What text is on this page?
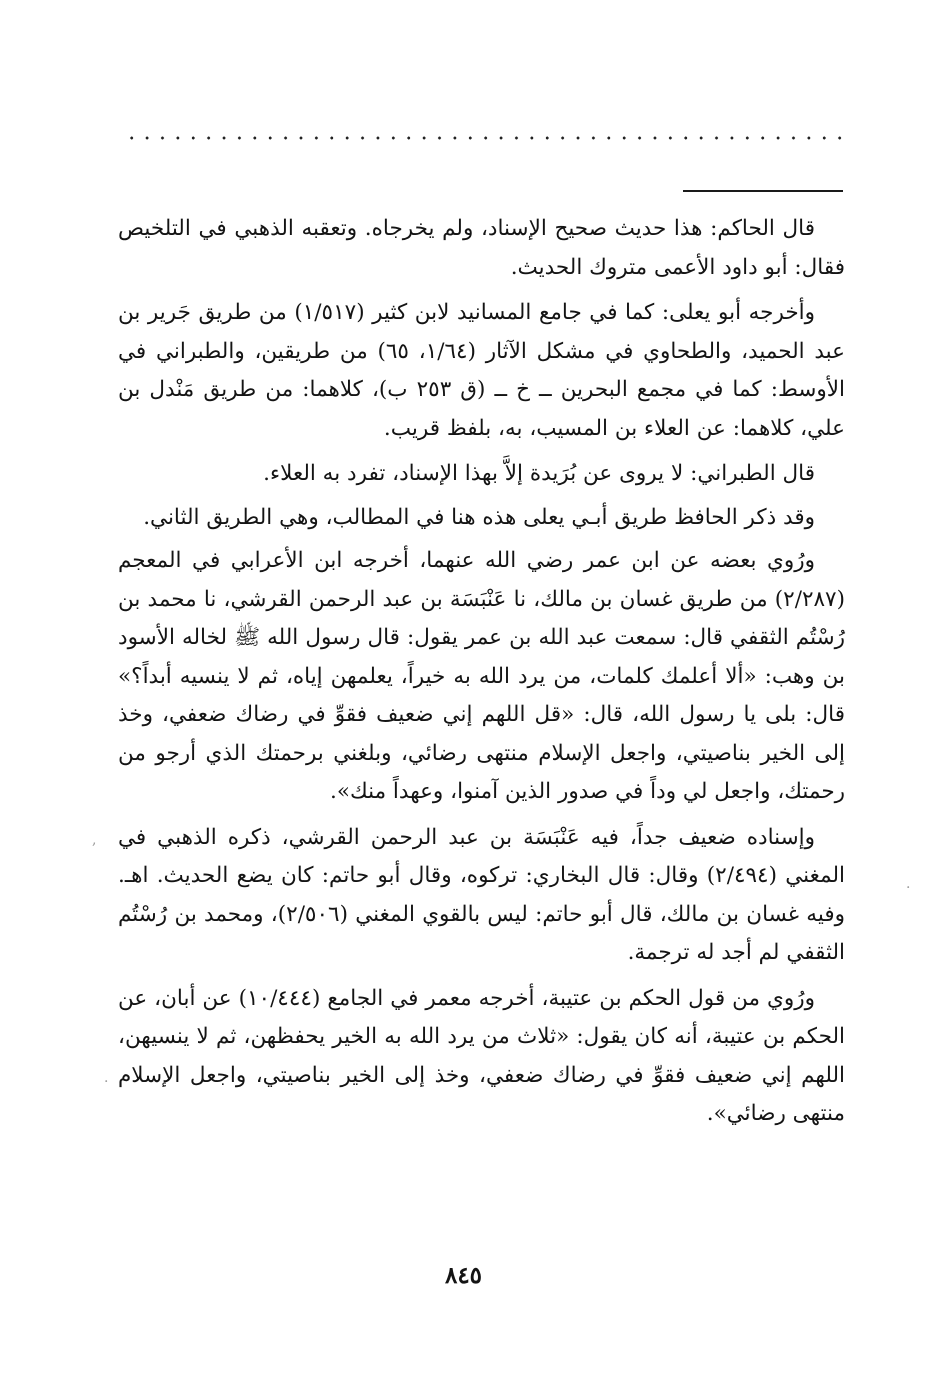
قال الحاكم: هذا حديث صحيح الإسناد، ولم يخرجاه. وتعقبه الذهبي في التلخيص فقال: أبو داود الأعمى متروك الحديث.

وأخرجه أبو يعلى: كما في جامع المسانيد لابن كثير (١/٥١٧) من طريق جَرير بن عبد الحميد، والطحاوي في مشكل الآثار (١/٦٤، ٦٥) من طريقين، والطبراني في الأوسط: كما في مجمع البحرين ــ خ ــ (ق ٢٥٣ ب)، كلاهما: من طريق مَنْدل بن علي، كلاهما: عن العلاء بن المسيب، به، بلفظ قريب.

قال الطبراني: لا يروى عن بُرَيدة إلاَّ بهذا الإسناد، تفرد به العلاء.

وقد ذكر الحافظ طريق أبـي يعلى هذه هنا في المطالب، وهي الطريق الثاني.

ورُوي بعضه عن ابن عمر رضي الله عنهما، أخرجه ابن الأعرابي في المعجم (٢/٢٨٧) من طريق غسان بن مالك، نا عَنْبَسَة بن عبد الرحمن القرشي، نا محمد بن رُسْتُم الثقفي قال: سمعت عبد الله بن عمر يقول: قال رسول الله ﷺ لخاله الأسود بن وهب: «ألا أعلمك كلمات، من يرد الله به خيراً، يعلمهن إياه، ثم لا ينسيه أبداً؟» قال: بلى يا رسول الله، قال: «قل اللهم إني ضعيف فقوِّ في رضاك ضعفي، وخذ إلى الخير بناصيتي، واجعل الإسلام منتهى رضائي، وبلغني برحمتك الذي أرجو من رحمتك، واجعل لي وداً في صدور الذين آمنوا، وعهداً منك».

وإسناده ضعيف جداً، فيه عَنْبَسَة بن عبد الرحمن القرشي، ذكره الذهبي في المغني (٢/٤٩٤) وقال: قال البخاري: تركوه، وقال أبو حاتم: كان يضع الحديث. اهـ. وفيه غسان بن مالك، قال أبو حاتم: ليس بالقوي المغني (٢/٥٠٦)، ومحمد بن رُسْتُم الثقفي لم أجد له ترجمة.

ورُوي من قول الحكم بن عتيبة، أخرجه معمر في الجامع (١٠/٤٤٤) عن أبان، عن الحكم بن عتيبة، أنه كان يقول: «ثلاث من يرد الله به الخير يحفظهن، ثم لا ينسيهن، اللهم إني ضعيف فقوِّ في رضاك ضعفي، وخذ إلى الخير بناصيتي، واجعل الإسلام منتهى رضائي».

٨٤٥
,
·
·
